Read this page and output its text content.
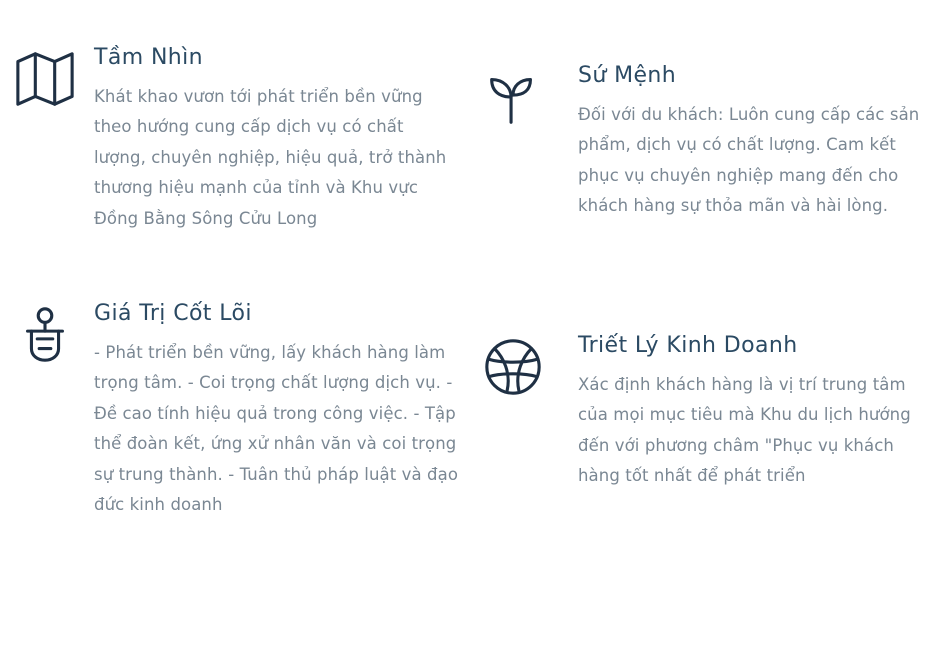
Tầm Nhìn

Khát khao vươn tới phát triển bền vững theo hướng cung cấp dịch vụ có chất lượng, chuyên nghiệp, hiệu quả, trở thành thương hiệu mạnh của tỉnh và Khu vực Đồng Bằng Sông Cửu Long

Sứ Mệnh

Đối với du khách: Luôn cung cấp các sản phẩm, dịch vụ có chất lượng. Cam kết phục vụ chuyên nghiệp mang đến cho khách hàng sự thỏa mãn và hài lòng.

Giá Trị Cốt Lõi

- Phát triển bền vững, lấy khách hàng làm trọng tâm. - Coi trọng chất lượng dịch vụ. - Đề cao tính hiệu quả trong công việc. - Tập thể đoàn kết, ứng xử nhân văn và coi trọng sự trung thành. - Tuân thủ pháp luật và đạo đức kinh doanh

Triết Lý Kinh Doanh

Xác định khách hàng là vị trí trung tâm của mọi mục tiêu mà Khu du lịch hướng đến với phương châm "Phục vụ khách hàng tốt nhất để phát triển
